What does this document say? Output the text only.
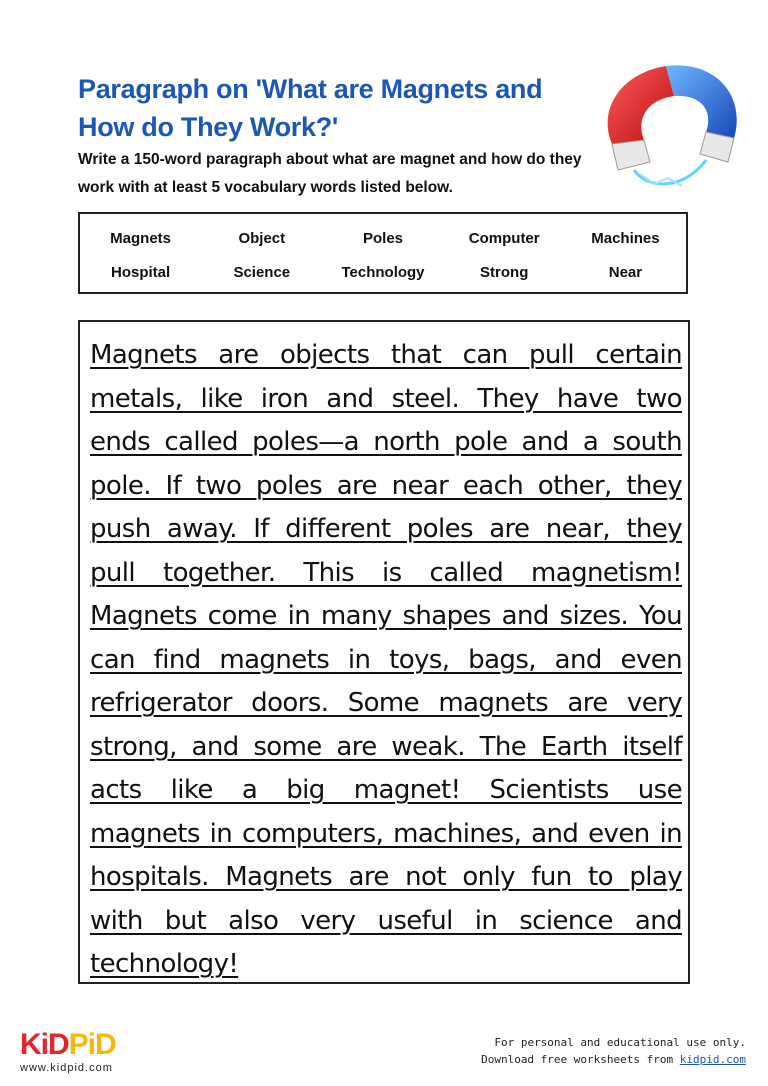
Paragraph on 'What are Magnets and How do They Work?'
Write a 150-word paragraph about what are magnet and how do they work with at least 5 vocabulary words listed below.
Magnets	Object	Poles	Computer	Machines
Hospital	Science	Technology	Strong	Near
Magnets are objects that can pull certain metals, like iron and steel. They have two ends called poles—a north pole and a south pole. If two poles are near each other, they push away. If different poles are near, they pull together. This is called magnetism! Magnets come in many shapes and sizes. You can find magnets in toys, bags, and even refrigerator doors. Some magnets are very strong, and some are weak. The Earth itself acts like a big magnet! Scientists use magnets in computers, machines, and even in hospitals. Magnets are not only fun to play with but also very useful in science and technology!
KiDPiD
www.kidpid.com
For personal and educational use only.
Download free worksheets from kidpid.com
